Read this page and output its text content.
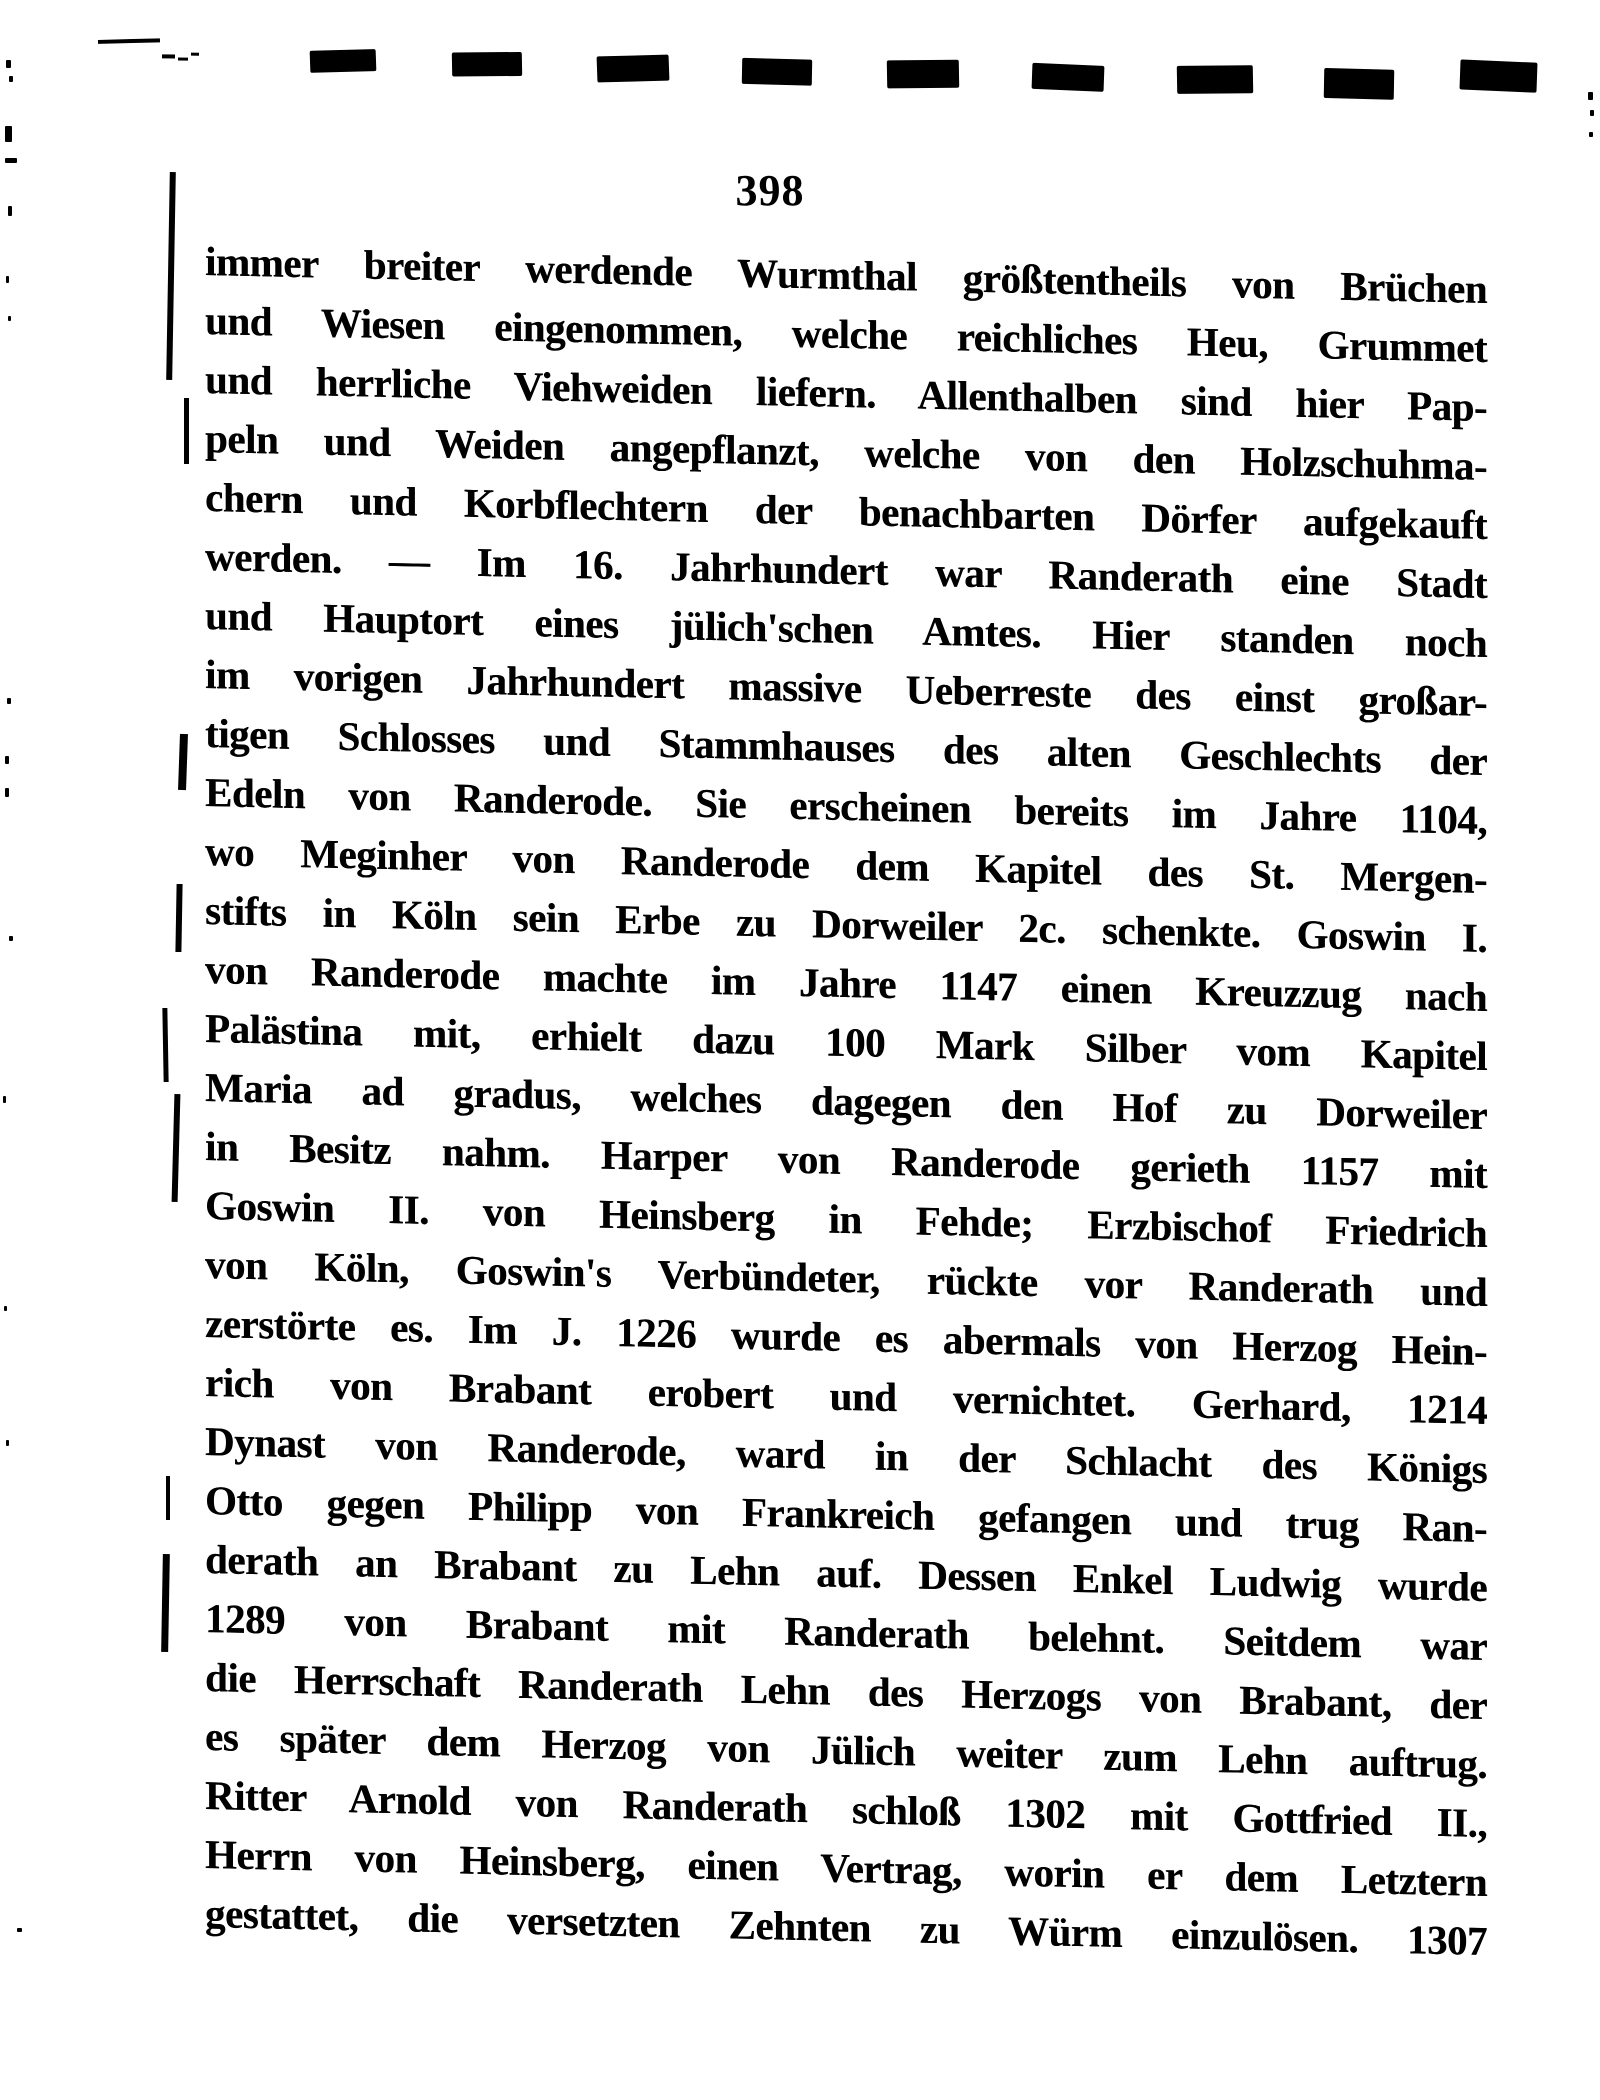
398
immer breiter werdende Wurmthal größtentheils von Brüchen
und Wiesen eingenommen, welche reichliches Heu, Grummet
und herrliche Viehweiden liefern. Allenthalben sind hier Pap-
peln und Weiden angepflanzt, welche von den Holzschuhma-
chern und Korbflechtern der benachbarten Dörfer aufgekauft
werden. — Im 16. Jahrhundert war Randerath eine Stadt
und Hauptort eines jülich'schen Amtes. Hier standen noch
im vorigen Jahrhundert massive Ueberreste des einst großar-
tigen Schlosses und Stammhauses des alten Geschlechts der
Edeln von Randerode. Sie erscheinen bereits im Jahre 1104,
wo Meginher von Randerode dem Kapitel des St. Mergen-
stifts in Köln sein Erbe zu Dorweiler 2c. schenkte. Goswin I.
von Randerode machte im Jahre 1147 einen Kreuzzug nach
Palästina mit, erhielt dazu 100 Mark Silber vom Kapitel
Maria ad gradus, welches dagegen den Hof zu Dorweiler
in Besitz nahm. Harper von Randerode gerieth 1157 mit
Goswin II. von Heinsberg in Fehde; Erzbischof Friedrich
von Köln, Goswin's Verbündeter, rückte vor Randerath und
zerstörte es. Im J. 1226 wurde es abermals von Herzog Hein-
rich von Brabant erobert und vernichtet. Gerhard, 1214
Dynast von Randerode, ward in der Schlacht des Königs
Otto gegen Philipp von Frankreich gefangen und trug Ran-
derath an Brabant zu Lehn auf. Dessen Enkel Ludwig wurde
1289 von Brabant mit Randerath belehnt. Seitdem war
die Herrschaft Randerath Lehn des Herzogs von Brabant, der
es später dem Herzog von Jülich weiter zum Lehn auftrug.
Ritter Arnold von Randerath schloß 1302 mit Gottfried II.,
Herrn von Heinsberg, einen Vertrag, worin er dem Letztern
gestattet, die versetzten Zehnten zu Würm einzulösen. 1307
